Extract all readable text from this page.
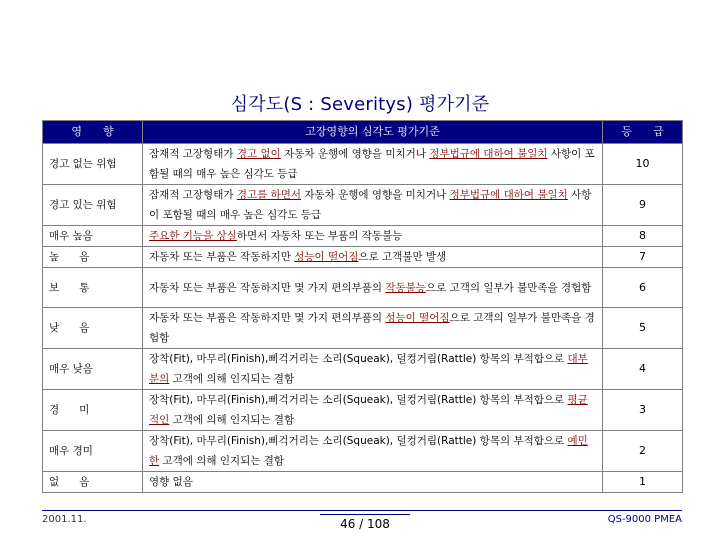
심각도(S : Severitys) 평가기준
영      향	고장영향의 심각도 평가기준	등      급
경고 없는 위험	잠재적 고장형태가 경고 없이 자동차 운행에 영향을 미치거나 정부법규에 대하여 불일치 사항이 포함될 때의 매우 높은 심각도 등급	10
경고 있는 위험	잠재적 고장형태가 경고를 하면서 자동차 운행에 영향을 미치거나 정부법규에 대하여 불일치 사항이 포함될 때의 매우 높은 심각도 등급	9
매우 높음	주요한 기능을 상실하면서 자동차 또는 부품의 작동불능	8
높      음	자동차 또는 부품은 작동하지만 성능이 떨어짐으로 고객불만 발생	7
보      통	자동차 또는 부품은 작동하지만 몇 가지 편의부품의 작동불능으로 고객의 일부가 불만족을 경험함	6
낮      음	자동차 또는 부품은 작동하지만 몇 가지 편의부품의 성능이 떨어짐으로 고객의 일부가 불만족을 경험함	5
매우 낮음	장착(Fit), 마무리(Finish),삐걱거리는 소리(Squeak), 덜컹거림(Rattle) 항목의 부적합으로 대부분의 고객에 의해 인지되는 결함	4
경      미	장착(Fit), 마무리(Finish),삐걱거리는 소리(Squeak), 덜컹거림(Rattle) 항목의 부적합으로 평균적인 고객에 의해 인지되는 결함	3
매우 경미	장착(Fit), 마무리(Finish),삐걱거리는 소리(Squeak), 덜컹거림(Rattle) 항목의 부적합으로 예민한 고객에 의해 인지되는 결함	2
없      음	영향 없음	1
2001.11.	46 / 108	QS-9000 PMEA
